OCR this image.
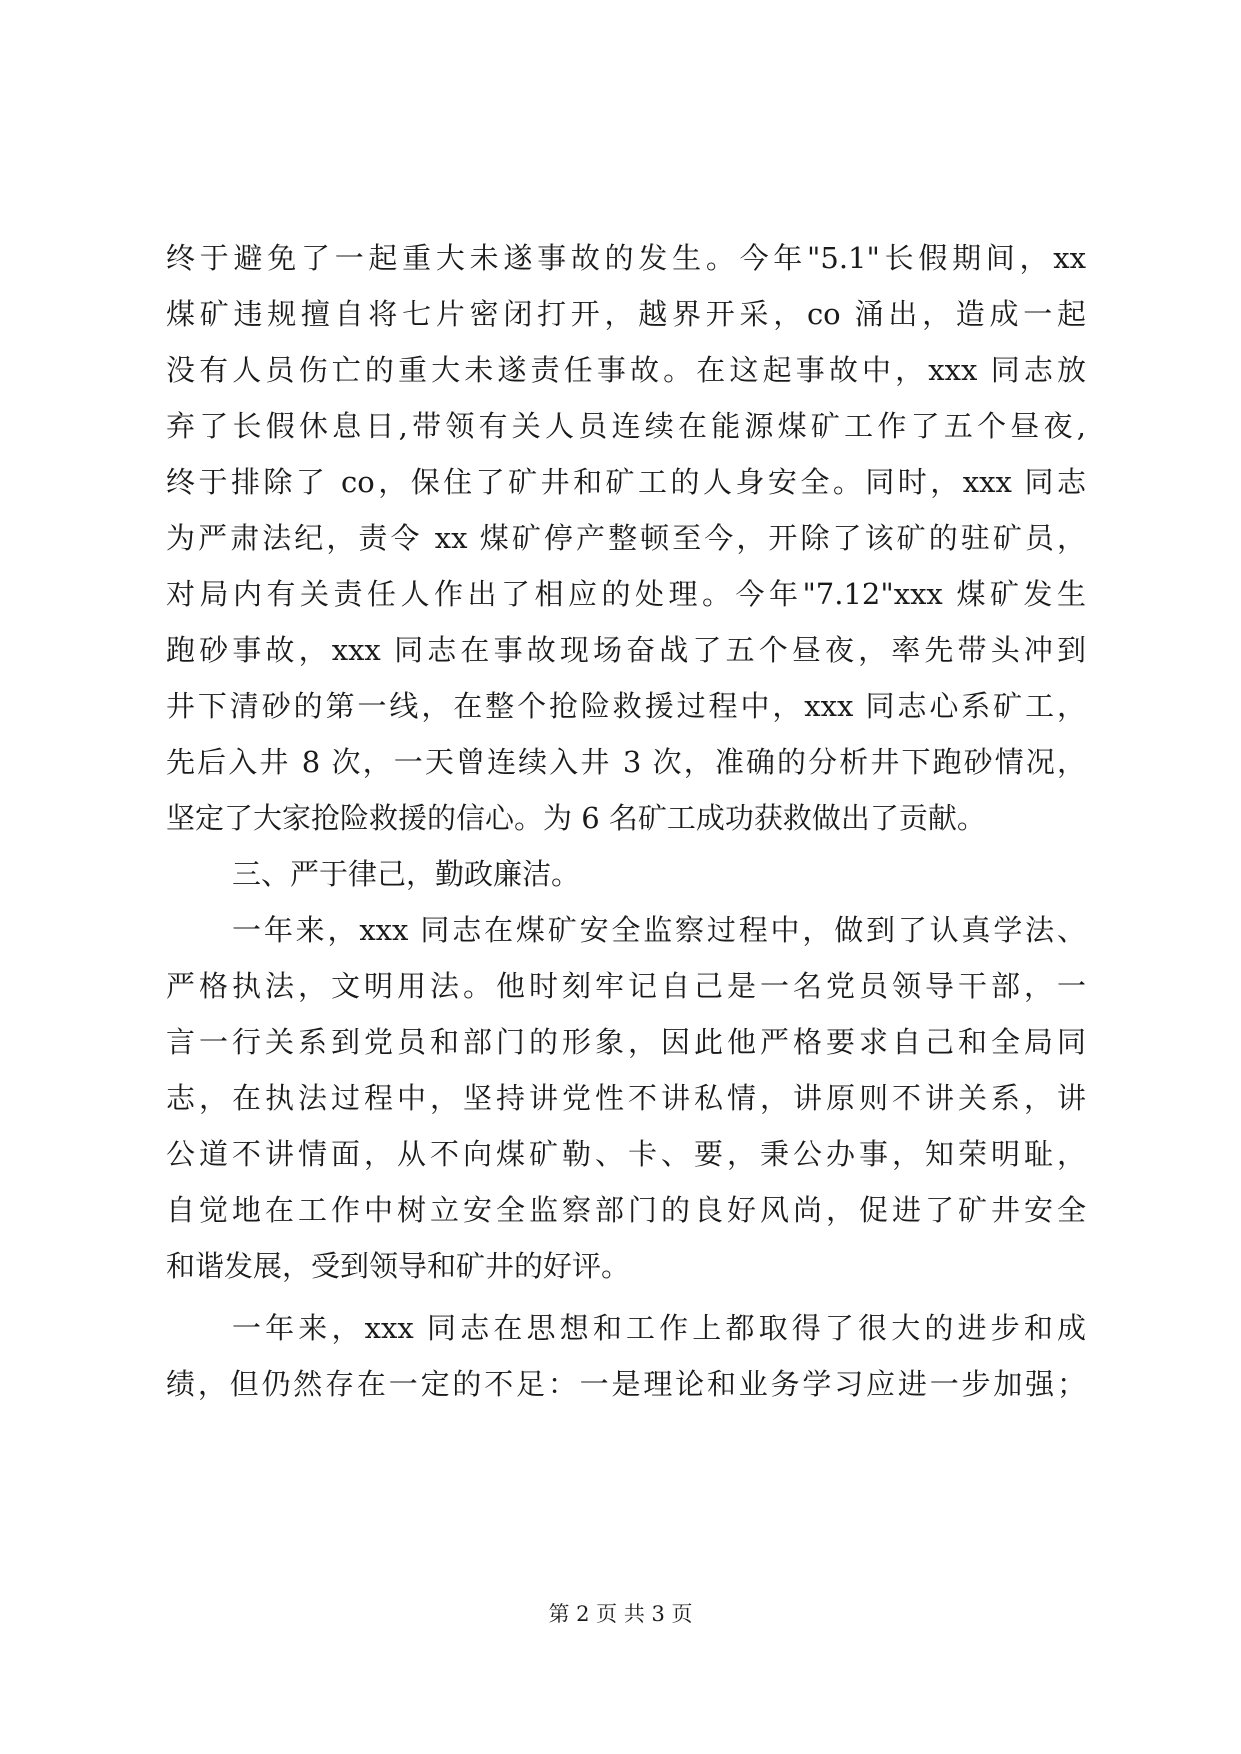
终于避免了一起重大未遂事故的发生。今年"5.1"长假期间，xx
煤矿违规擅自将七片密闭打开，越界开采，co 涌出，造成一起
没有人员伤亡的重大未遂责任事故。在这起事故中，xxx 同志放
弃了长假休息日,带领有关人员连续在能源煤矿工作了五个昼夜,
终于排除了 co，保住了矿井和矿工的人身安全。同时，xxx 同志
为严肃法纪，责令 xx 煤矿停产整顿至今，开除了该矿的驻矿员，
对局内有关责任人作出了相应的处理。今年"7.12"xxx 煤矿发生
跑砂事故，xxx 同志在事故现场奋战了五个昼夜，率先带头冲到
井下清砂的第一线，在整个抢险救援过程中，xxx 同志心系矿工，
先后入井 8 次，一天曾连续入井 3 次，准确的分析井下跑砂情况，
坚定了大家抢险救援的信心。为 6 名矿工成功获救做出了贡献。
三、严于律己，勤政廉洁。
一年来，xxx 同志在煤矿安全监察过程中，做到了认真学法、
严格执法，文明用法。他时刻牢记自己是一名党员领导干部，一
言一行关系到党员和部门的形象，因此他严格要求自己和全局同
志，在执法过程中，坚持讲党性不讲私情，讲原则不讲关系，讲
公道不讲情面，从不向煤矿勒、卡、要，秉公办事，知荣明耻，
自觉地在工作中树立安全监察部门的良好风尚，促进了矿井安全
和谐发展，受到领导和矿井的好评。
一年来，xxx 同志在思想和工作上都取得了很大的进步和成
绩，但仍然存在一定的不足：一是理论和业务学习应进一步加强；
第 2 页 共 3 页
